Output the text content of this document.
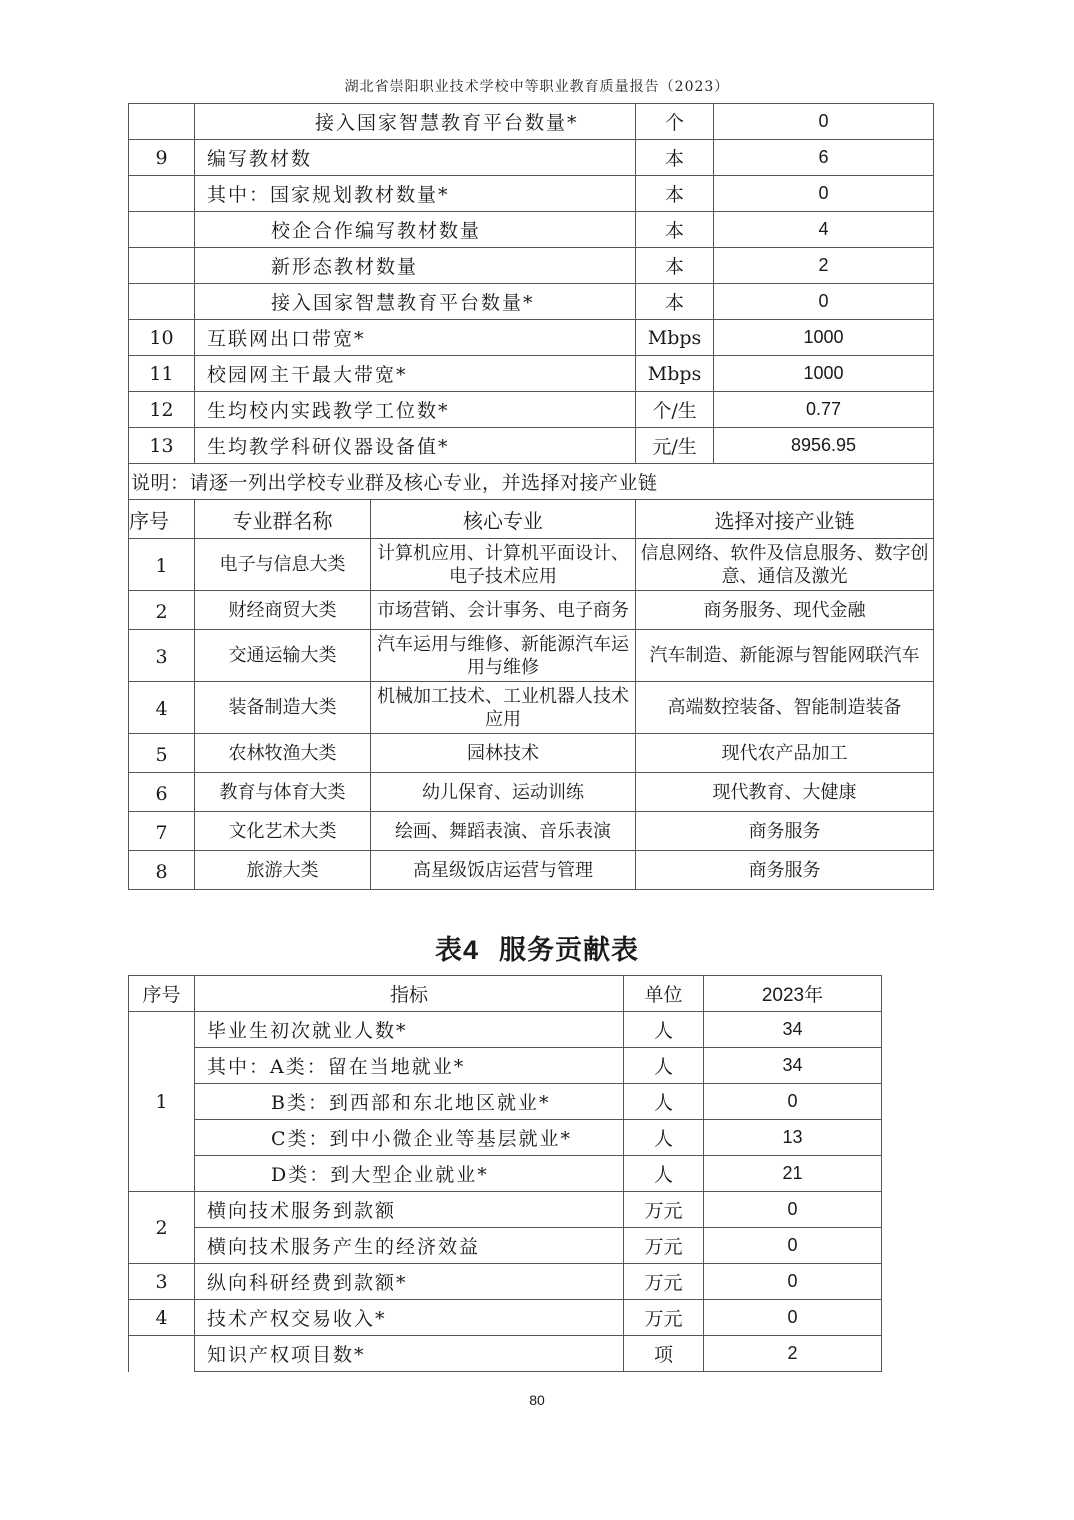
湖北省崇阳职业技术学校中等职业教育质量报告（2023）
	接入国家智慧教育平台数量*		个	0
9	编写教材数		本	6
	其中：国家规划教材数量*		本	0
	校企合作编写教材数量		本	4
	新形态教材数量		本	2
	接入国家智慧教育平台数量*		本	0
10	互联网出口带宽*		Mbps	1000
11	校园网主干最大带宽*		Mbps	1000
12	生均校内实践教学工位数*		个/生	0.77
13	生均教学科研仪器设备值*		元/生	8956.95
说明：请逐一列出学校专业群及核心专业，并选择对接产业链				
序号	专业群名称	核心专业	选择对接产业链	
1	电子与信息大类	计算机应用、计算机平面设计、电子技术应用	信息网络、软件及信息服务、数字创意、通信及激光	
2	财经商贸大类	市场营销、会计事务、电子商务	商务服务、现代金融	
3	交通运输大类	汽车运用与维修、新能源汽车运用与维修	汽车制造、新能源与智能网联汽车	
4	装备制造大类	机械加工技术、工业机器人技术应用	高端数控装备、智能制造装备	
5	农林牧渔大类	园林技术	现代农产品加工	
6	教育与体育大类	幼儿保育、运动训练	现代教育、大健康	
7	文化艺术大类	绘画、舞蹈表演、音乐表演	商务服务	
8	旅游大类	高星级饭店运营与管理	商务服务	
表4 服务贡献表
序号	指标	单位	2023年
1	毕业生初次就业人数*	人	34
	其中：A类：留在当地就业*	人	34
	B类：到西部和东北地区就业*	人	0
	C类：到中小微企业等基层就业*	人	13
	D类：到大型企业就业*	人	21
2	横向技术服务到款额	万元	0
	横向技术服务产生的经济效益	万元	0
3	纵向科研经费到款额*	万元	0
4	技术产权交易收入*	万元	0
	知识产权项目数*	项	2
80
